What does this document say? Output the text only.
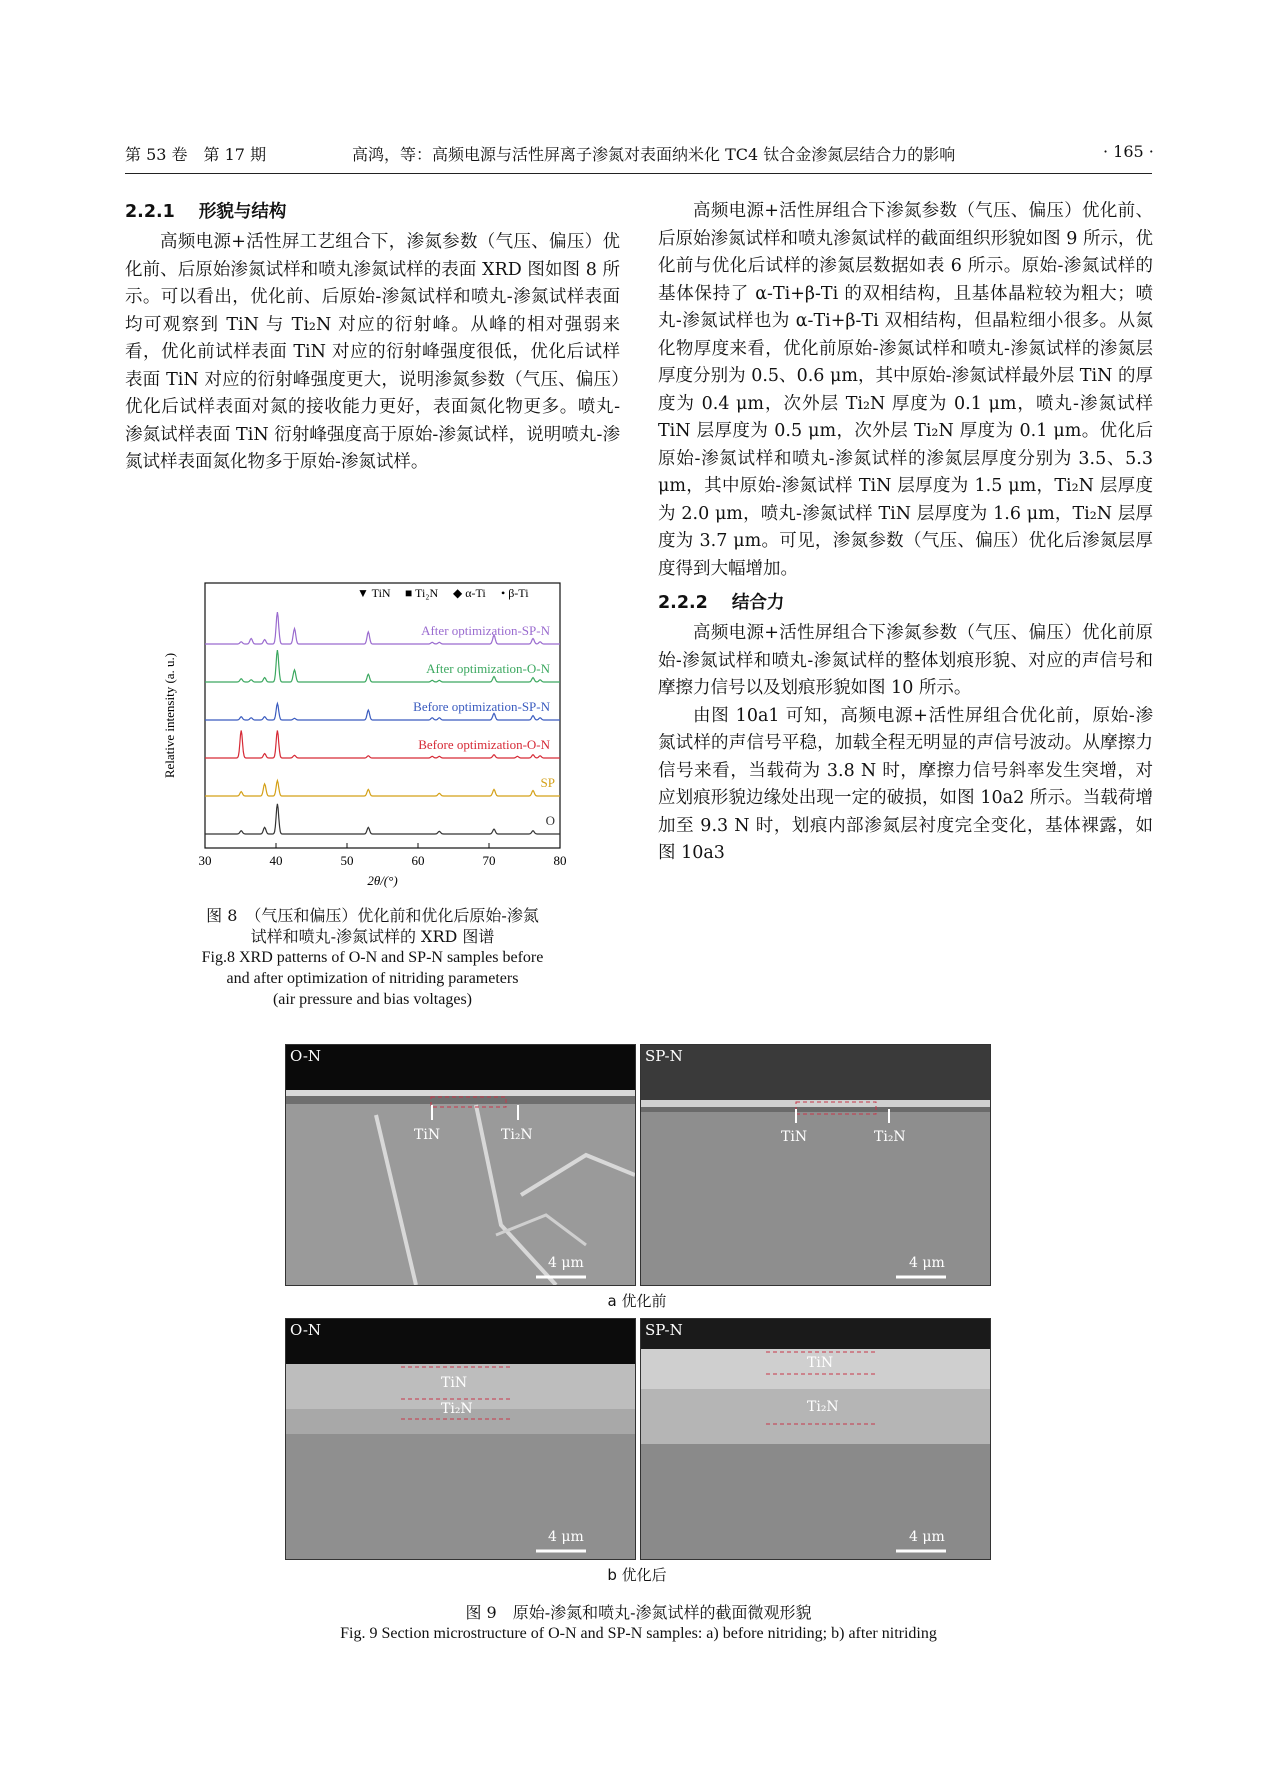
第 53 卷　第 17 期	高鸿，等：高频电源与活性屏离子渗氮对表面纳米化 TC4 钛合金渗氮层结合力的影响	· 165 ·
2.2.1 形貌与结构

高频电源+活性屏工艺组合下，渗氮参数（气压、偏压）优化前、后原始渗氮试样和喷丸渗氮试样的表面 XRD 图如图 8 所示。可以看出，优化前、后原始-渗氮试样和喷丸-渗氮试样表面均可观察到 TiN 与 Ti₂N 对应的衍射峰。从峰的相对强弱来看，优化前试样表面 TiN 对应的衍射峰强度很低，优化后试样表面 TiN 对应的衍射峰强度更大，说明渗氮参数（气压、偏压）优化后试样表面对氮的接收能力更好，表面氮化物更多。喷丸-渗氮试样表面 TiN 衍射峰强度高于原始-渗氮试样，说明喷丸-渗氮试样表面氮化物多于原始-渗氮试样。

30	40	50	60	70	80
2θ/(°)
Relative intensity (a. u.)
▼ TiN ■ Ti₂N ◆ α-Ti • β-Ti
O
SP
Before optimization-O-N
Before optimization-SP-N
After optimization-O-N
After optimization-SP-N
图 8　（气压和偏压）优化前和优化后原始-渗氮
试样和喷丸-渗氮试样的 XRD 图谱
Fig.8 XRD patterns of O-N and SP-N samples before
and after optimization of nitriding parameters
(air pressure and bias voltages)

高频电源+活性屏组合下渗氮参数（气压、偏压）优化前、后原始渗氮试样和喷丸渗氮试样的截面组织形貌如图 9 所示，优化前与优化后试样的渗氮层数据如表 6 所示。原始-渗氮试样的基体保持了 α-Ti+β-Ti 的双相结构，且基体晶粒较为粗大；喷丸-渗氮试样也为 α-Ti+β-Ti 双相结构，但晶粒细小很多。从氮化物厚度来看，优化前原始-渗氮试样和喷丸-渗氮试样的渗氮层厚度分别为 0.5、0.6 μm，其中原始-渗氮试样最外层 TiN 的厚度为 0.4 μm，次外层 Ti₂N 厚度为 0.1 μm，喷丸-渗氮试样 TiN 层厚度为 0.5 μm，次外层 Ti₂N 厚度为 0.1 μm。优化后原始-渗氮试样和喷丸-渗氮试样的渗氮层厚度分别为 3.5、5.3 μm，其中原始-渗氮试样 TiN 层厚度为 1.5 μm，Ti₂N 层厚度为 2.0 μm，喷丸-渗氮试样 TiN 层厚度为 1.6 μm，Ti₂N 层厚度为 3.7 μm。可见，渗氮参数（气压、偏压）优化后渗氮层厚度得到大幅增加。

2.2.2 结合力

高频电源+活性屏组合下渗氮参数（气压、偏压）优化前原始-渗氮试样和喷丸-渗氮试样的整体划痕形貌、对应的声信号和摩擦力信号以及划痕形貌如图 10 所示。

由图 10a1 可知，高频电源+活性屏组合优化前，原始-渗氮试样的声信号平稳，加载全程无明显的声信号波动。从摩擦力信号来看，当载荷为 3.8 N 时，摩擦力信号斜率发生突增，对应划痕形貌边缘处出现一定的破损，如图 10a2 所示。当载荷增加至 9.3 N 时，划痕内部渗氮层衬度完全变化，基体裸露，如图 10a3

O-N
TiN	Ti₂N
4 μm
SP-N
TiN	Ti₂N
4 μm
a 优化前
O-N
TiN
Ti₂N
4 μm
TiN
Ti₂N
SP-N
4 μm
b 优化后
图 9　原始-渗氮和喷丸-渗氮试样的截面微观形貌
Fig. 9 Section microstructure of O-N and SP-N samples: a) before nitriding; b) after nitriding
